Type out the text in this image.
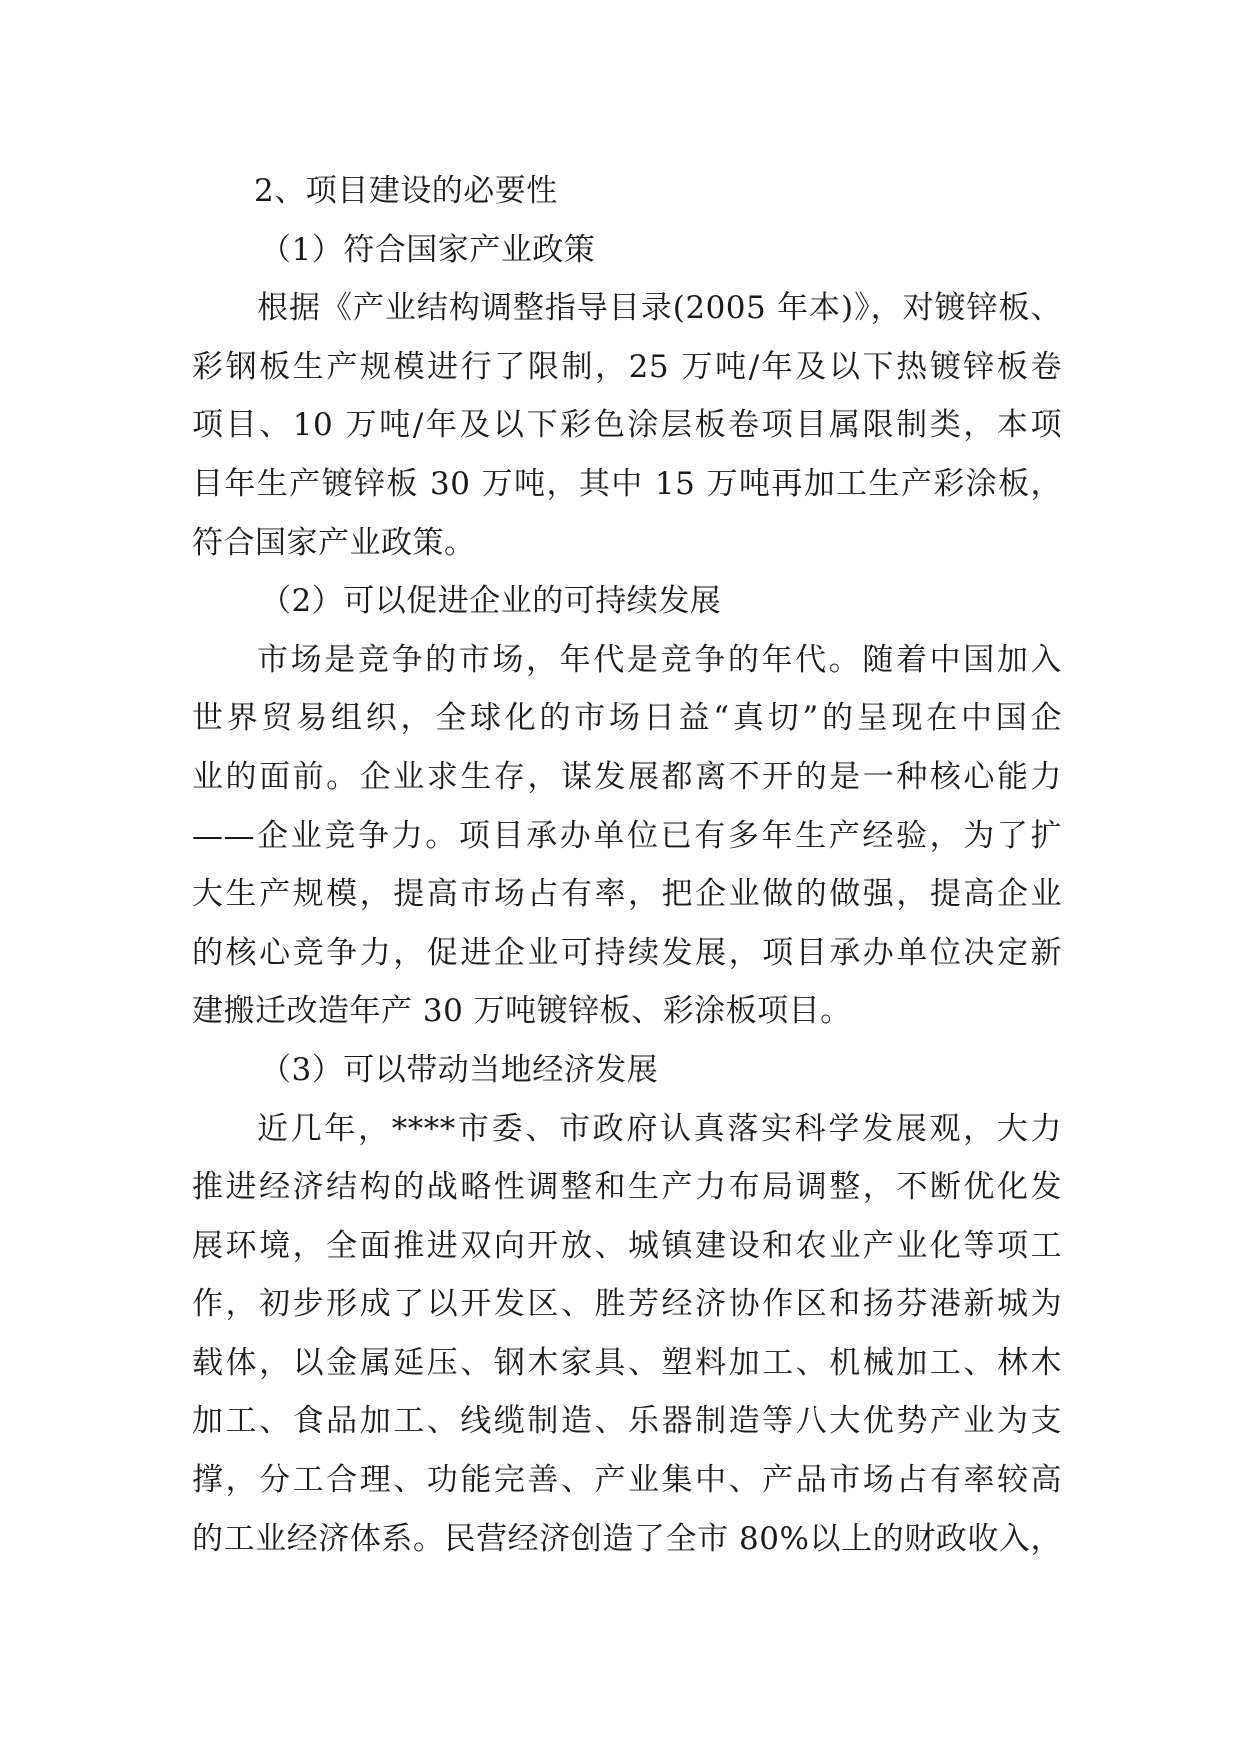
2、项目建设的必要性
（1）符合国家产业政策
根据《产业结构调整指导目录(2005 年本)》，对镀锌板、
彩钢板生产规模进行了限制，25 万吨/年及以下热镀锌板卷
项目、10 万吨/年及以下彩色涂层板卷项目属限制类，本项
目年生产镀锌板 30 万吨，其中 15 万吨再加工生产彩涂板，
符合国家产业政策。
（2）可以促进企业的可持续发展
市场是竞争的市场，年代是竞争的年代。随着中国加入
世界贸易组织，全球化的市场日益“真切”的呈现在中国企
业的面前。企业求生存，谋发展都离不开的是一种核心能力
——企业竞争力。项目承办单位已有多年生产经验，为了扩
大生产规模，提高市场占有率，把企业做的做强，提高企业
的核心竞争力，促进企业可持续发展，项目承办单位决定新
建搬迁改造年产 30 万吨镀锌板、彩涂板项目。
（3）可以带动当地经济发展
近几年，****市委、市政府认真落实科学发展观，大力
推进经济结构的战略性调整和生产力布局调整，不断优化发
展环境，全面推进双向开放、城镇建设和农业产业化等项工
作，初步形成了以开发区、胜芳经济协作区和扬芬港新城为
载体，以金属延压、钢木家具、塑料加工、机械加工、林木
加工、食品加工、线缆制造、乐器制造等八大优势产业为支
撑，分工合理、功能完善、产业集中、产品市场占有率较高
的工业经济体系。民营经济创造了全市 80%以上的财政收入，
